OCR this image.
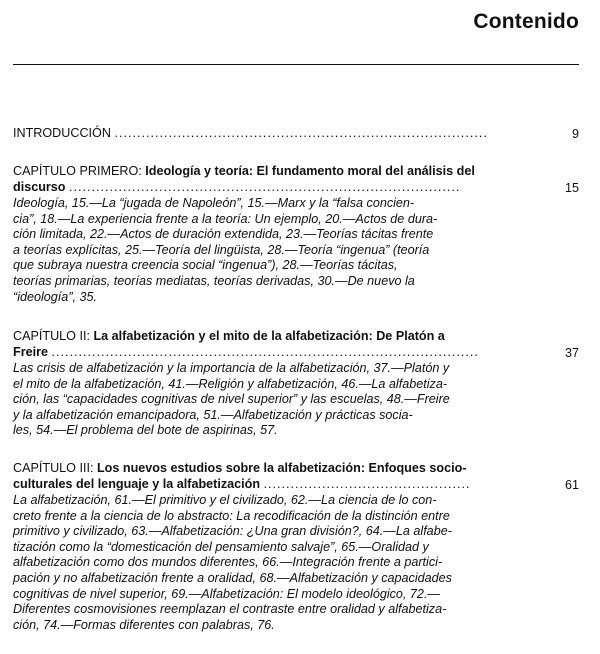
Contenido
INTRODUCCIÓN ...................................................................................	9
CAPÍTULO PRIMERO: Ideología y teoría: El fundamento moral del análisis del
discurso .......................................................................................	15
Ideología, 15.—La “jugada de Napoleón”, 15.—Marx y la “falsa concien-
cia”, 18.—La experiencia frente a la teoría: Un ejemplo, 20.—Actos de dura-
ción limitada, 22.—Actos de duración extendida, 23.—Teorías tácitas frente
a teorías explícitas, 25.—Teoría del lingüista, 28.—Teoría “ingenua” (teoría
que subraya nuestra creencia social “ingenua”), 28.—Teorías tácitas,
teorías primarias, teorías mediatas, teorías derivadas, 30.—De nuevo la
“ideología”, 35.
CAPÍTULO II: La alfabetización y el mito de la alfabetización: De Platón a
Freire ...............................................................................................	37
Las crisis de alfabetización y la importancia de la alfabetización, 37.—Platón y
el mito de la alfabetización, 41.—Religión y alfabetización, 46.—La alfabetiza-
ción, las “capacidades cognitivas de nivel superior” y las escuelas, 48.—Freire
y la alfabetización emancipadora, 51.—Alfabetización y prácticas socia-
les, 54.—El problema del bote de aspirinas, 57.
CAPÍTULO III: Los nuevos estudios sobre la alfabetización: Enfoques socio-
culturales del lenguaje y la alfabetización ..............................................	61
La alfabetización, 61.—El primitivo y el civilizado, 62.—La ciencia de lo con-
creto frente a la ciencia de lo abstracto: La recodificación de la distinción entre
primitivo y civilizado, 63.—Alfabetización: ¿Una gran división?, 64.—La alfabe-
tización como la “domesticación del pensamiento salvaje”, 65.—Oralidad y
alfabetización como dos mundos diferentes, 66.—Integración frente a partici-
pación y no alfabetización frente a oralidad, 68.—Alfabetización y capacidades
cognitivas de nivel superior, 69.—Alfabetización: El modelo ideológico, 72.—
Diferentes cosmovisiones reemplazan el contraste entre oralidad y alfabetiza-
ción, 74.—Formas diferentes con palabras, 76.
